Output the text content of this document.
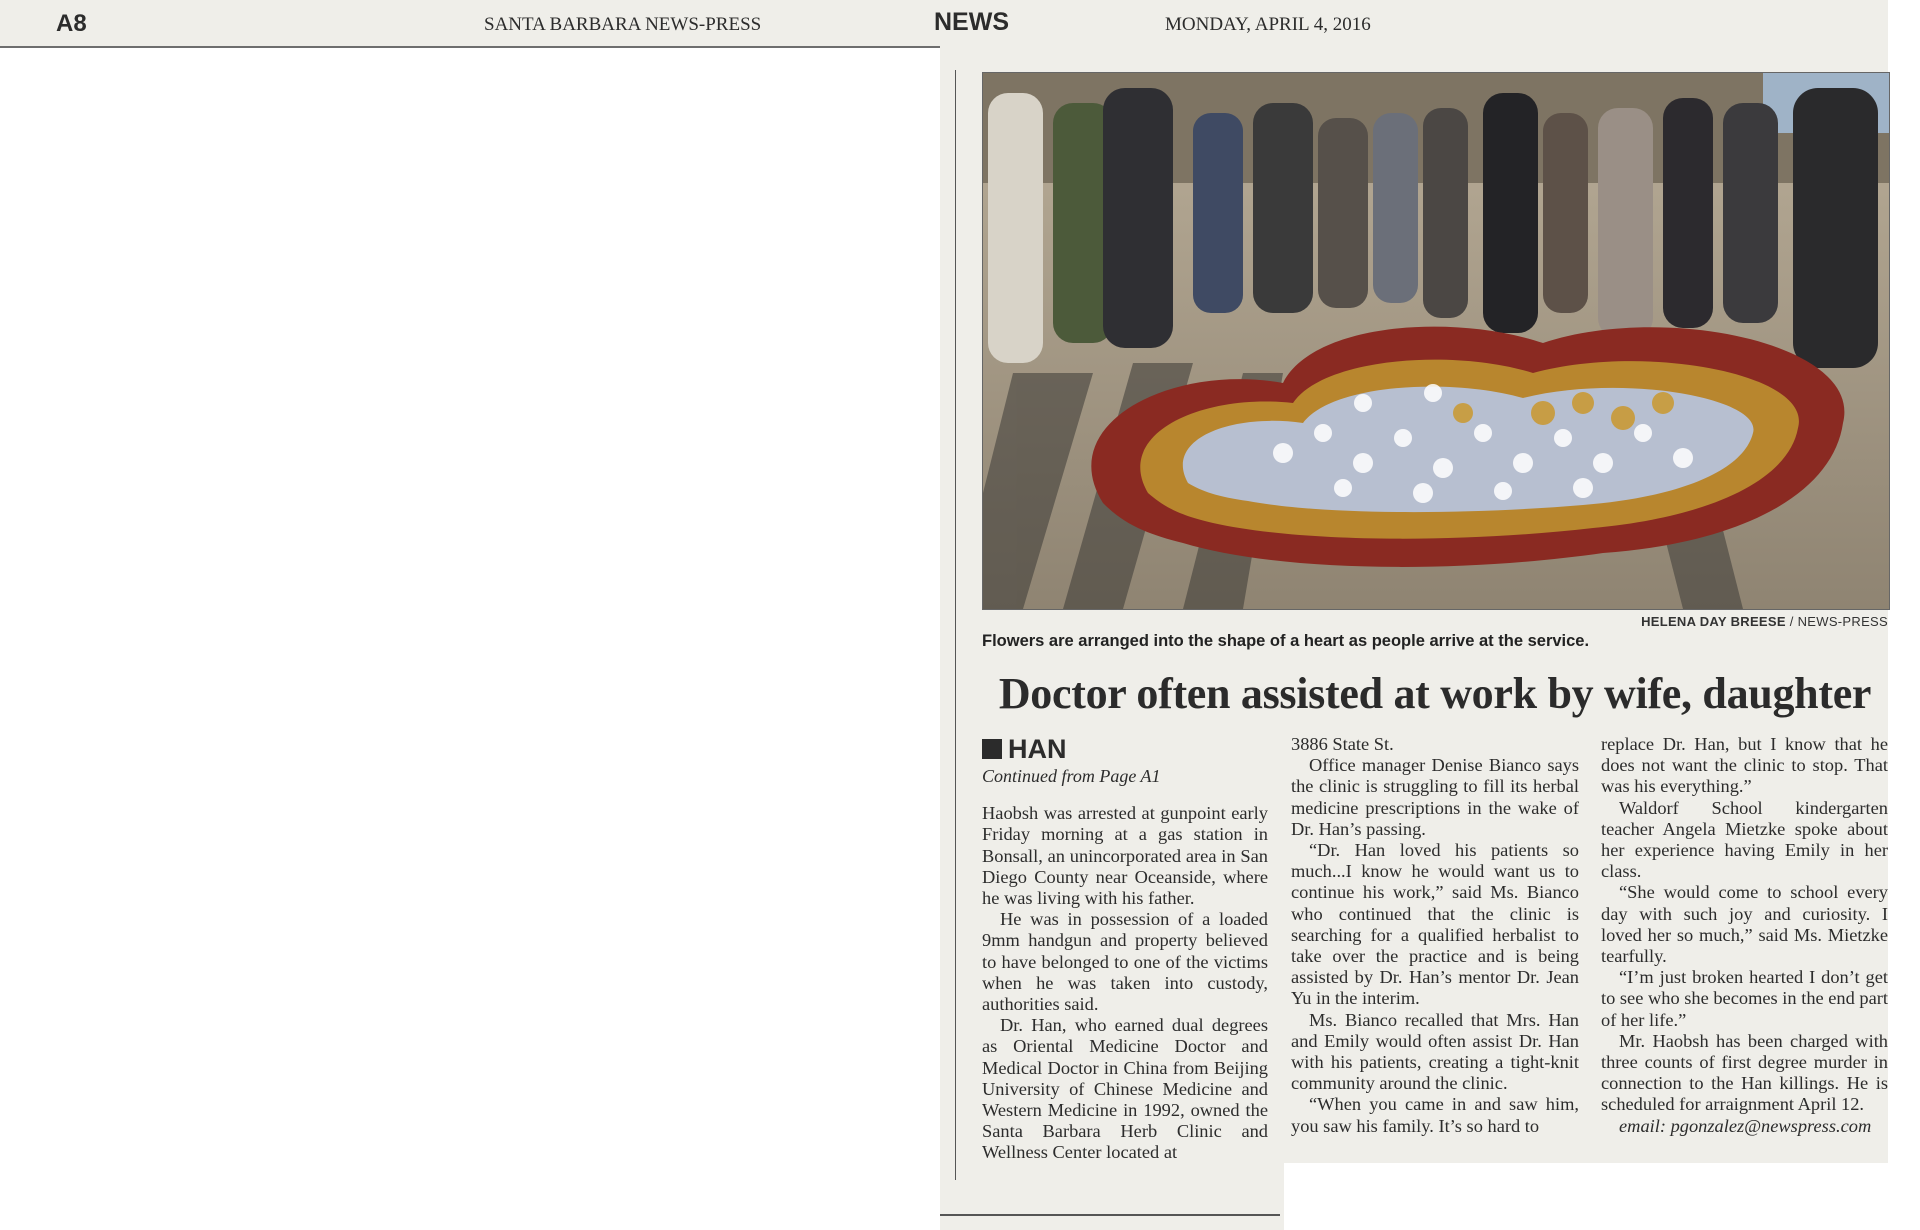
A8	SANTA BARBARA NEWS-PRESS	NEWS	MONDAY, APRIL 4, 2016
HELENA DAY BREESE / NEWS-PRESS
Flowers are arranged into the shape of a heart as people arrive at the service.
Doctor often assisted at work by wife, daughter
HAN
Continued from Page A1

Haobsh was arrested at gunpoint early Friday morning at a gas station in Bonsall, an unincorporated area in San Diego County near Oceanside, where he was living with his father.

He was in possession of a loaded 9mm handgun and property believed to have belonged to one of the victims when he was taken into custody, authorities said.

Dr. Han, who earned dual degrees as Oriental Medicine Doctor and Medical Doctor in China from Beijing University of Chinese Medicine and Western Medicine in 1992, owned the Santa Barbara Herb Clinic and Wellness Center located at

3886 State St.

Office manager Denise Bianco says the clinic is struggling to fill its herbal medicine prescriptions in the wake of Dr. Han’s passing.

“Dr. Han loved his patients so much...I know he would want us to continue his work,” said Ms. Bianco who continued that the clinic is searching for a qualified herbalist to take over the practice and is being assisted by Dr. Han’s mentor Dr. Jean Yu in the interim.

Ms. Bianco recalled that Mrs. Han and Emily would often assist Dr. Han with his patients, creating a tight-knit community around the clinic.

“When you came in and saw him, you saw his family. It’s so hard to

replace Dr. Han, but I know that he does not want the clinic to stop. That was his everything.”

Waldorf School kindergarten teacher Angela Mietzke spoke about her experience having Emily in her class.

“She would come to school every day with such joy and curiosity. I loved her so much,” said Ms. Mietzke tearfully.

“I’m just broken hearted I don’t get to see who she becomes in the end part of her life.”

Mr. Haobsh has been charged with three counts of first degree murder in connection to the Han killings. He is scheduled for arraignment April 12.

email: pgonzalez@newspress.com
